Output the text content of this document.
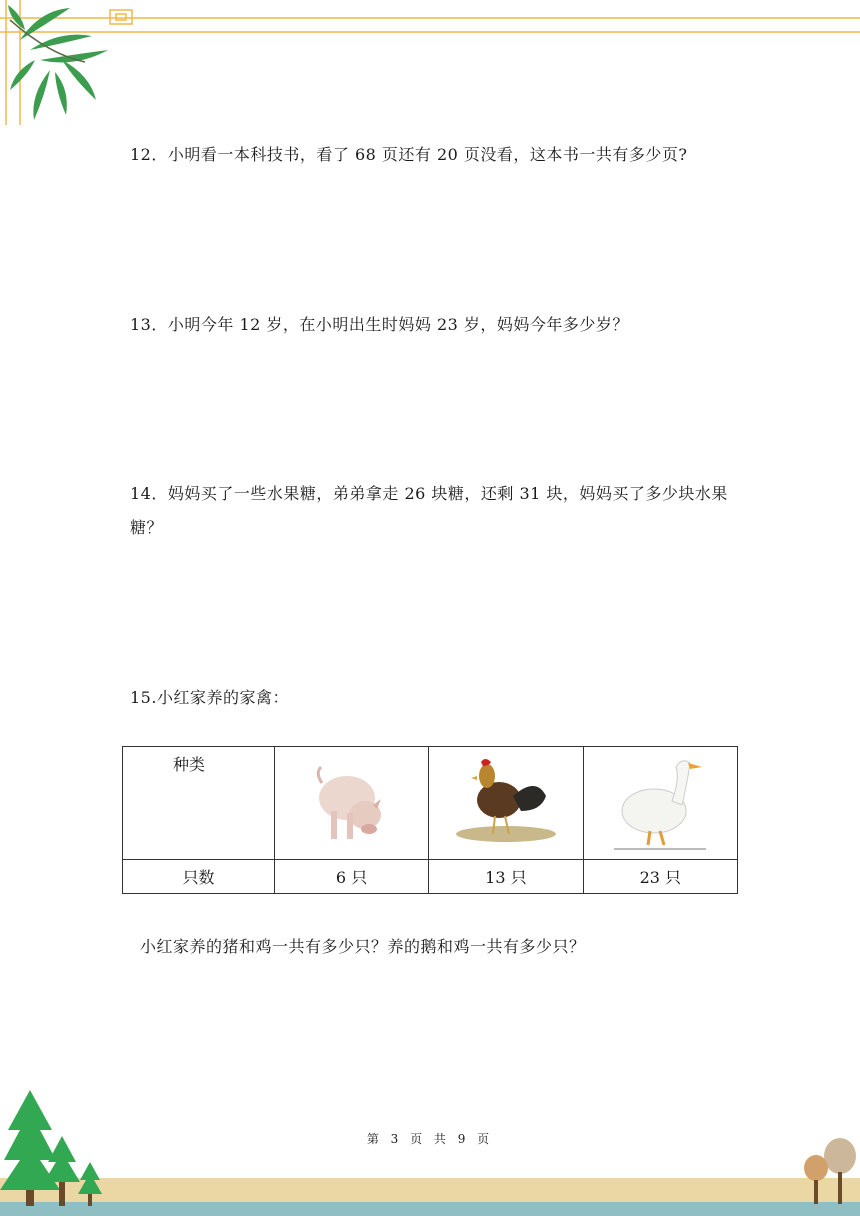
12．小明看一本科技书，看了 68 页还有 20 页没看，这本书一共有多少页?
13．小明今年 12 岁，在小明出生时妈妈 23 岁，妈妈今年多少岁？
14．妈妈买了一些水果糖，弟弟拿走 26 块糖，还剩 31 块，妈妈买了多少块水果糖？
15.小红家养的家禽：
种类

只数	6 只	13 只	23 只
小红家养的猪和鸡一共有多少只？养的鹅和鸡一共有多少只？
第 3 页 共 9 页
